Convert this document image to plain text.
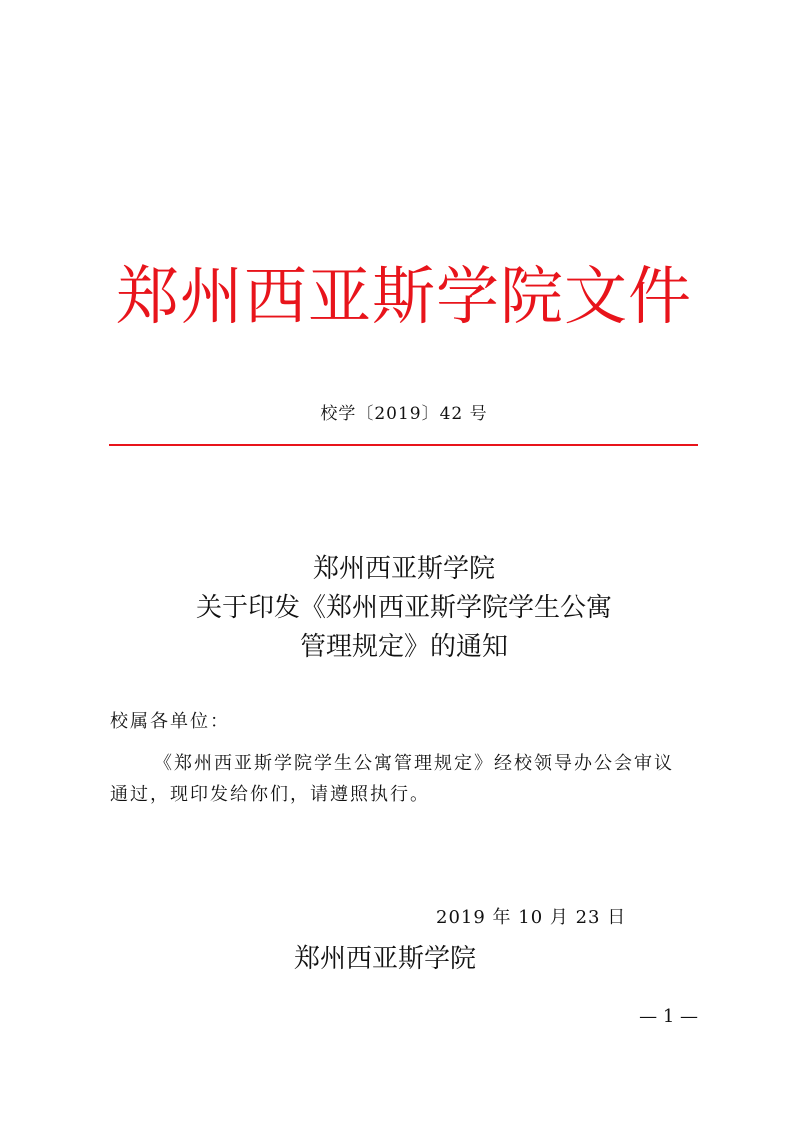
郑州西亚斯学院文件
校学〔2019〕42 号
郑州西亚斯学院
关于印发《郑州西亚斯学院学生公寓
管理规定》的通知
校属各单位：
《郑州西亚斯学院学生公寓管理规定》经校领导办公会审议
通过，现印发给你们，请遵照执行。
2019 年 10 月 23 日
郑州西亚斯学院
— 1 —
